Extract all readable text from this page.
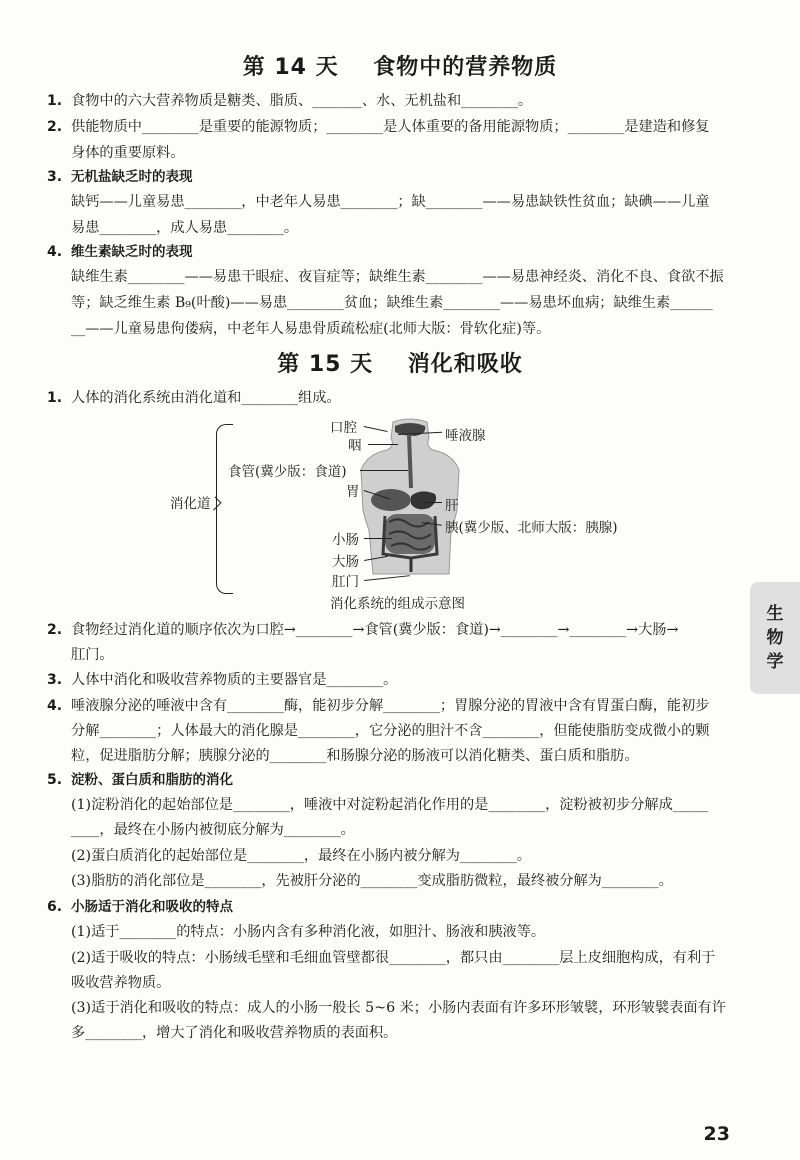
第 14 天    食物中的营养物质
1. 食物中的六大营养物质是糖类、脂质、_______、水、无机盐和________。
2. 供能物质中________是重要的能源物质；________是人体重要的备用能源物质；________是建造和修复
身体的重要原料。
3. 无机盐缺乏时的表现
缺钙——儿童易患________，中老年人易患________；缺________——易患缺铁性贫血；缺碘——儿童
易患________，成人易患________。
4. 维生素缺乏时的表现
缺维生素________——易患干眼症、夜盲症等；缺维生素________——易患神经炎、消化不良、食欲不振
等；缺乏维生素 B₉(叶酸)——易患________贫血；缺维生素________——易患坏血病；缺维生素______
__——儿童易患佝偻病，中老年人易患骨质疏松症(北师大版：骨软化症)等。
第 15 天    消化和吸收
1. 人体的消化系统由消化道和________组成。
消化道
口腔
咽
食管(冀少版：食道)
胃
小肠
大肠
肛门
唾液腺
肝
胰(冀少版、北师大版：胰腺)
消化系统的组成示意图
2. 食物经过消化道的顺序依次为口腔→________→食管(冀少版：食道)→________→________→大肠→
肛门。
3. 人体中消化和吸收营养物质的主要器官是________。
4. 唾液腺分泌的唾液中含有________酶，能初步分解________；胃腺分泌的胃液中含有胃蛋白酶，能初步
分解________；人体最大的消化腺是________，它分泌的胆汁不含________，但能使脂肪变成微小的颗
粒，促进脂肪分解；胰腺分泌的________和肠腺分泌的肠液可以消化糖类、蛋白质和脂肪。
5. 淀粉、蛋白质和脂肪的消化
(1)淀粉消化的起始部位是________，唾液中对淀粉起消化作用的是________，淀粉被初步分解成_____
____，最终在小肠内被彻底分解为________。
(2)蛋白质消化的起始部位是________，最终在小肠内被分解为________。
(3)脂肪的消化部位是________，先被肝分泌的________变成脂肪微粒，最终被分解为________。
6. 小肠适于消化和吸收的特点
(1)适于________的特点：小肠内含有多种消化液，如胆汁、肠液和胰液等。
(2)适于吸收的特点：小肠绒毛壁和毛细血管壁都很________，都只由________层上皮细胞构成，有利于
吸收营养物质。
(3)适于消化和吸收的特点：成人的小肠一般长 5~6 米；小肠内表面有许多环形皱襞，环形皱襞表面有许
多________，增大了消化和吸收营养物质的表面积。
生物学
23
